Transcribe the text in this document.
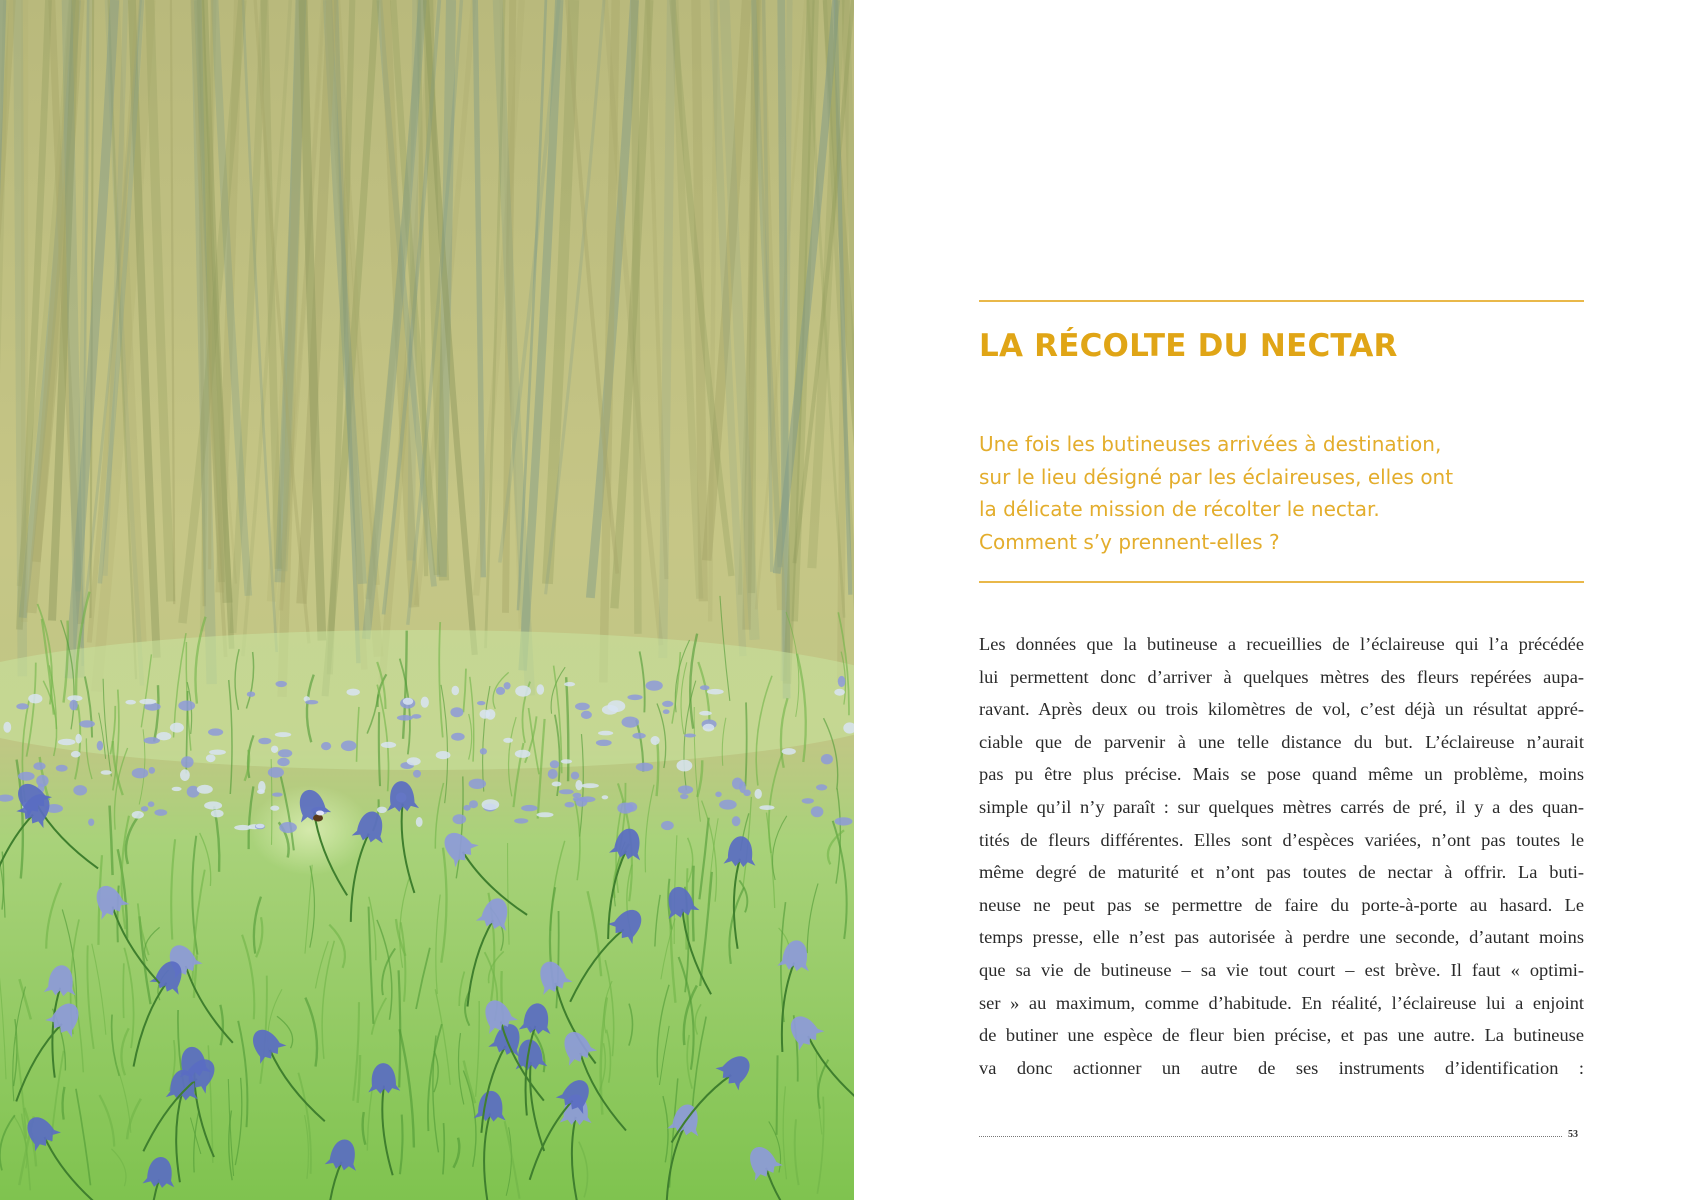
LA RÉCOLTE DU NECTAR

Une fois les butineuses arrivées à destination,
sur le lieu désigné par les éclaireuses, elles ont
la délicate mission de récolter le nectar.
Comment s’y prennent-elles ?

Les données que la butineuse a recueillies de l’éclaireuse qui l’a précédée
lui permettent donc d’arriver à quelques mètres des fleurs repérées aupa-
ravant. Après deux ou trois kilomètres de vol, c’est déjà un résultat appré-
ciable que de parvenir à une telle distance du but. L’éclaireuse n’aurait
pas pu être plus précise. Mais se pose quand même un problème, moins
simple qu’il n’y paraît : sur quelques mètres carrés de pré, il y a des quan-
tités de fleurs différentes. Elles sont d’espèces variées, n’ont pas toutes le
même degré de maturité et n’ont pas toutes de nectar à offrir. La buti-
neuse ne peut pas se permettre de faire du porte-à-porte au hasard. Le
temps presse, elle n’est pas autorisée à perdre une seconde, d’autant moins
que sa vie de butineuse – sa vie tout court – est brève. Il faut « optimi-
ser » au maximum, comme d’habitude. En réalité, l’éclaireuse lui a enjoint
de butiner une espèce de fleur bien précise, et pas une autre. La butineuse
va donc actionner un autre de ses instruments d’identification :

53
